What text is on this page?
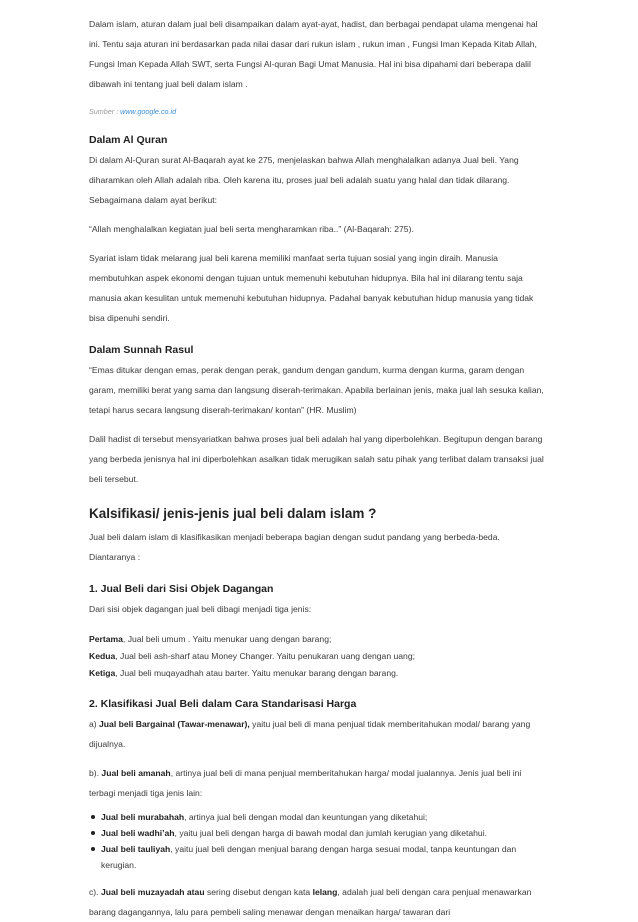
Dalam islam, aturan dalam jual beli disampaikan dalam ayat-ayat, hadist, dan berbagai pendapat ulama mengenai hal ini. Tentu saja aturan ini berdasarkan pada nilai dasar dari rukun islam , rukun iman , Fungsi Iman Kepada Kitab Allah, Fungsi Iman Kepada Allah SWT, serta Fungsi Al-quran Bagi Umat Manusia. Hal ini bisa dipahami dari beberapa dalil dibawah ini tentang jual beli dalam islam .

Sumber : www.google.co.id
Dalam Al Quran

Di dalam Al-Quran surat Al-Baqarah ayat ke 275, menjelaskan bahwa Allah menghalalkan adanya Jual beli. Yang diharamkan oleh Allah adalah riba. Oleh karena itu, proses jual beli adalah suatu yang halal dan tidak dilarang. Sebagaimana dalam ayat berikut:

“Allah menghalalkan kegiatan jual beli serta mengharamkan riba..” (Al-Baqarah: 275).

Syariat islam tidak melarang jual beli karena memiliki manfaat serta tujuan sosial yang ingin diraih. Manusia membutuhkan aspek ekonomi dengan tujuan untuk memenuhi kebutuhan hidupnya. Bila hal ini dilarang tentu saja manusia akan kesulitan untuk memenuhi kebutuhan hidupnya. Padahal banyak kebutuhan hidup manusia yang tidak bisa dipenuhi sendiri.

Dalam Sunnah Rasul

“Emas ditukar dengan emas, perak dengan perak, gandum dengan gandum, kurma dengan kurma, garam dengan garam, memiliki berat yang sama dan langsung diserah-terimakan. Apabila berlainan jenis, maka jual lah sesuka kalian, tetapi harus secara langsung diserah-terimakan/ kontan” (HR. Muslim)

Dalil hadist di tersebut mensyariatkan bahwa proses jual beli adalah hal yang diperbolehkan. Begitupun dengan barang yang berbeda jenisnya hal ini diperbolehkan asalkan tidak merugikan salah satu pihak yang terlibat dalam transaksi jual beli tersebut.

Kalsifikasi/ jenis-jenis jual beli dalam islam ?

Jual beli dalam islam di klasifikasikan menjadi beberapa bagian dengan sudut pandang yang berbeda-beda. Diantaranya :

1. Jual Beli dari Sisi Objek Dagangan

Dari sisi objek dagangan jual beli dibagi menjadi tiga jenis:

Pertama, Jual beli umum . Yaitu menukar uang dengan barang;
Kedua, Jual beli ash-sharf atau Money Changer. Yaitu penukaran uang dengan uang;
Ketiga, Jual beli muqayadhah atau barter. Yaitu menukar barang dengan barang.

2. Klasifikasi Jual Beli dalam Cara Standarisasi Harga

a) Jual beli Bargainal (Tawar-menawar), yaitu jual beli di mana penjual tidak memberitahukan modal/ barang yang dijualnya.

b). Jual beli amanah, artinya jual beli di mana penjual memberitahukan harga/ modal jualannya. Jenis jual beli ini terbagi menjadi tiga jenis lain:

Jual beli murabahah, artinya jual beli dengan modal dan keuntungan yang diketahui;
Jual beli wadhi’ah, yaitu jual beli dengan harga di bawah modal dan jumlah kerugian yang diketahui.
Jual beli tauliyah, yaitu jual beli dengan menjual barang dengan harga sesuai modal, tanpa keuntungan dan kerugian.

c). Jual beli muzayadah atau sering disebut dengan kata lelang, adalah jual beli dengan cara penjual menawarkan barang dagangannya, lalu para pembeli saling menawar dengan menaikan harga/ tawaran dari
